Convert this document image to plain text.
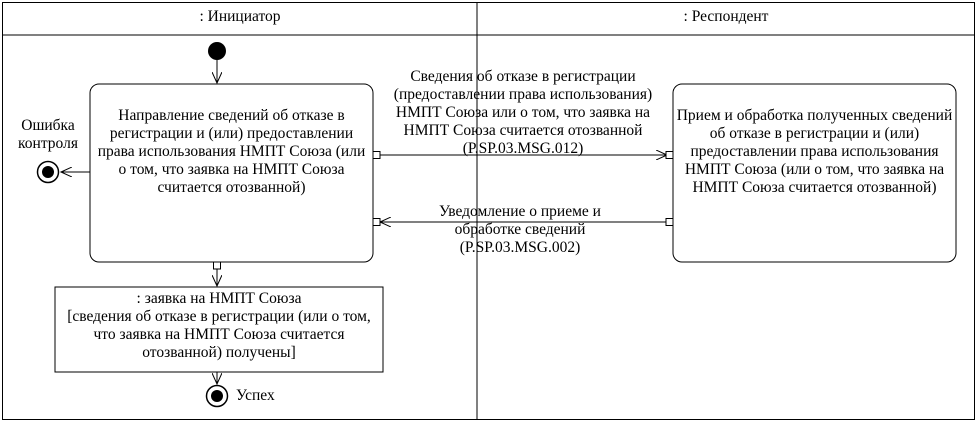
: Инициатор	: Респондент
Направление сведений об отказе в регистрации и (или) предоставлении права использования НМПТ Союза (или о том, что заявка на НМПТ Союза считается отозванной)
Прием и обработка полученных сведений об отказе в регистрации и (или) предоставлении права использования НМПТ Союза (или о том, что заявка на НМПТ Союза считается отозванной)
Сведения об отказе в регистрации (предоставлении права использования) НМПТ Союза или о том, что заявка на НМПТ Союза считается отозванной
(P.SP.03.MSG.012)
Уведомление о приеме и обработке сведений
(P.SP.03.MSG.002)
: заявка на НМПТ Союза
[сведения об отказе в регистрации (или о том, что заявка на НМПТ Союза считается отозванной) получены]
Ошибка контроля
Успех
